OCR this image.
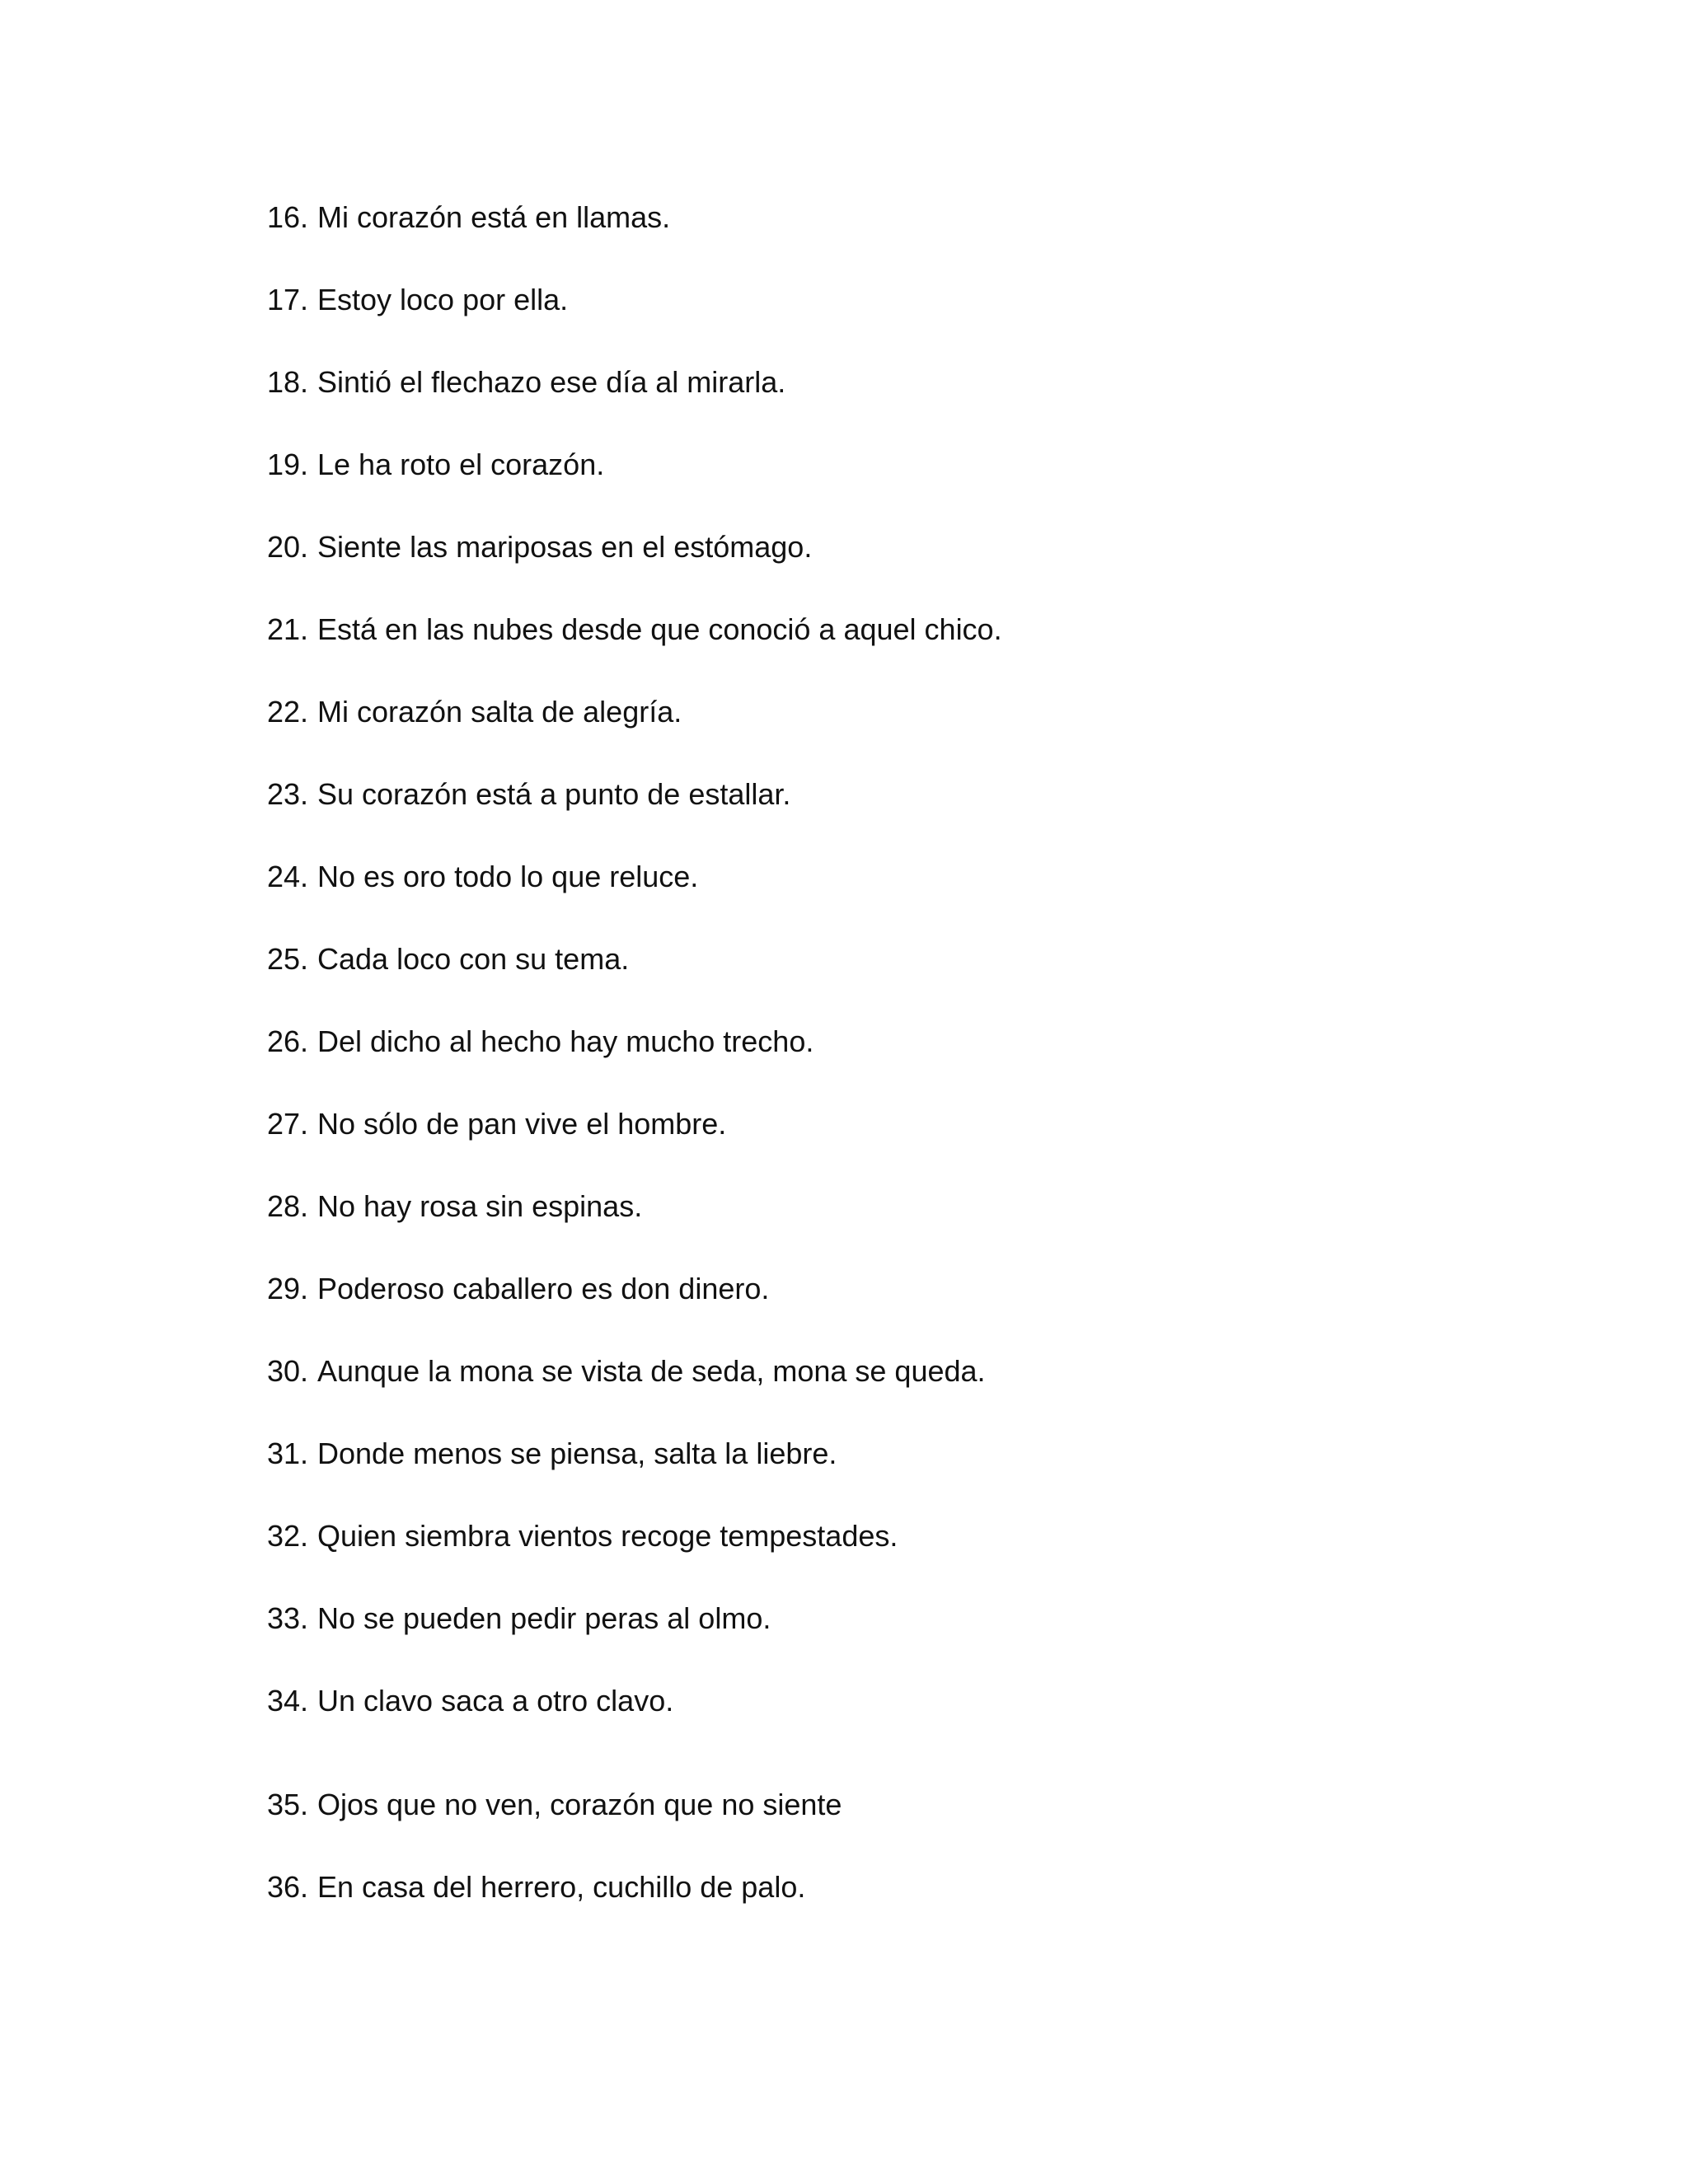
16. Mi corazón está en llamas.
17. Estoy loco por ella.
18. Sintió el flechazo ese día al mirarla.
19. Le ha roto el corazón.
20. Siente las mariposas en el estómago.
21. Está en las nubes desde que conoció a aquel chico.
22. Mi corazón salta de alegría.
23. Su corazón está a punto de estallar.
24. No es oro todo lo que reluce.
25. Cada loco con su tema.
26. Del dicho al hecho hay mucho trecho.
27. No sólo de pan vive el hombre.
28. No hay rosa sin espinas.
29. Poderoso caballero es don dinero.
30. Aunque la mona se vista de seda, mona se queda.
31. Donde menos se piensa, salta la liebre.
32. Quien siembra vientos recoge tempestades.
33. No se pueden pedir peras al olmo.
34. Un clavo saca a otro clavo.
35. Ojos que no ven, corazón que no siente
36. En casa del herrero, cuchillo de palo.
